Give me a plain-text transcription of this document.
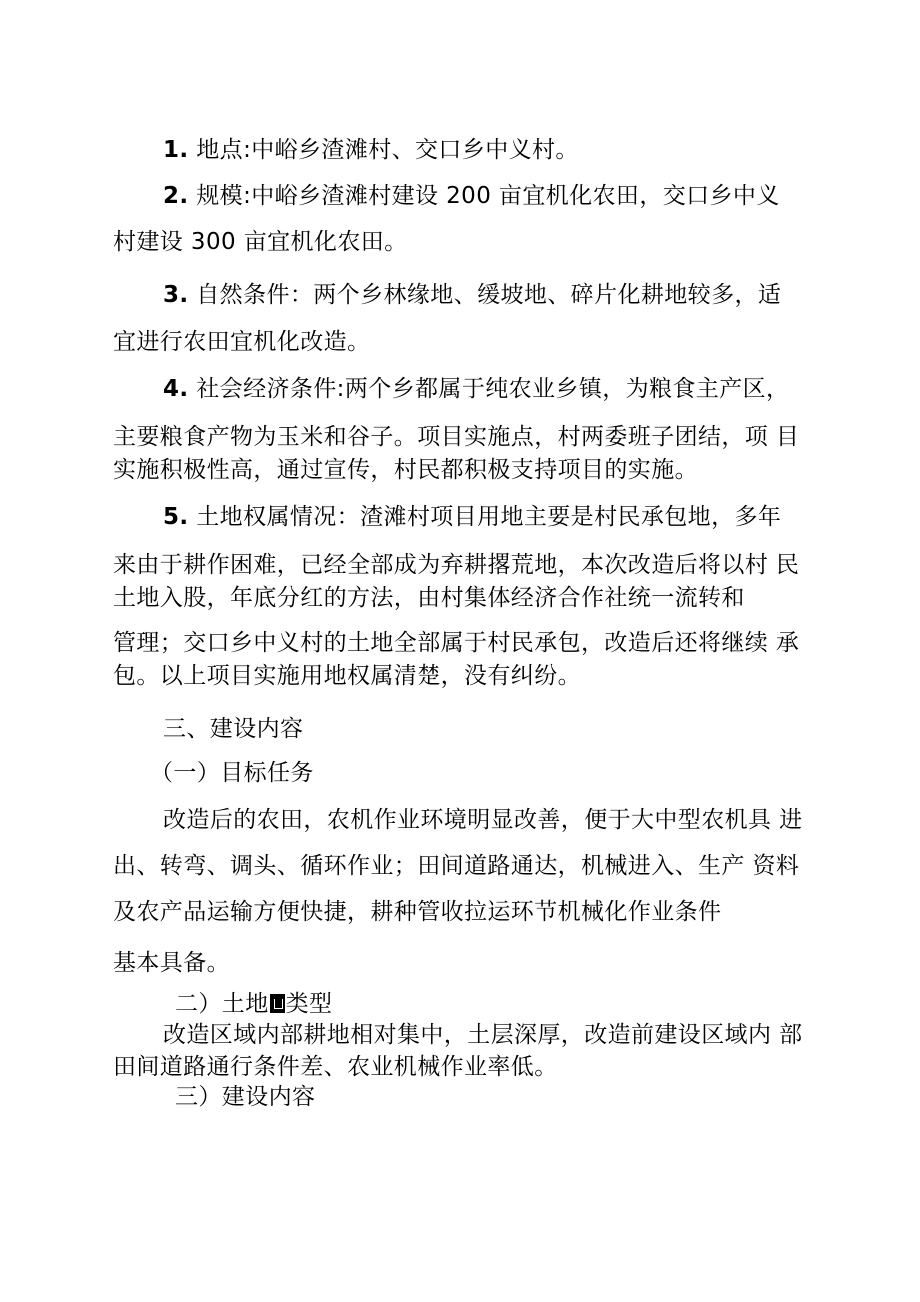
1. 地点:中峪乡渣滩村、交口乡中义村。
2. 规模:中峪乡渣滩村建设 200 亩宜机化农田，交口乡中义
村建设 300 亩宜机化农田。
3. 自然条件：两个乡林缘地、缓坡地、碎片化耕地较多，适
宜进行农田宜机化改造。
4. 社会经济条件:两个乡都属于纯农业乡镇，为粮食主产区，
主要粮食产物为玉米和谷子。项目实施点，村两委班子团结，项 目
实施积极性高，通过宣传，村民都积极支持项目的实施。
5. 土地权属情况：渣滩村项目用地主要是村民承包地，多年
来由于耕作困难，已经全部成为弃耕撂荒地，本次改造后将以村 民
土地入股，年底分红的方法，由村集体经济合作社统一流转和
管理；交口乡中义村的土地全部属于村民承包，改造后还将继续 承
包。以上项目实施用地权属清楚，没有纠纷。
三、建设内容
（一）目标任务
改造后的农田，农机作业环境明显改善，便于大中型农机具 进
出、转弯、调头、循环作业；田间道路通达，机械进入、生产 资料
及农产品运输方便快捷，耕种管收拉运环节机械化作业条件
基本具备。
二）土地 类型
改造区域内部耕地相对集中，土层深厚，改造前建设区域内 部
田间道路通行条件差、农业机械作业率低。
三）建设内容
